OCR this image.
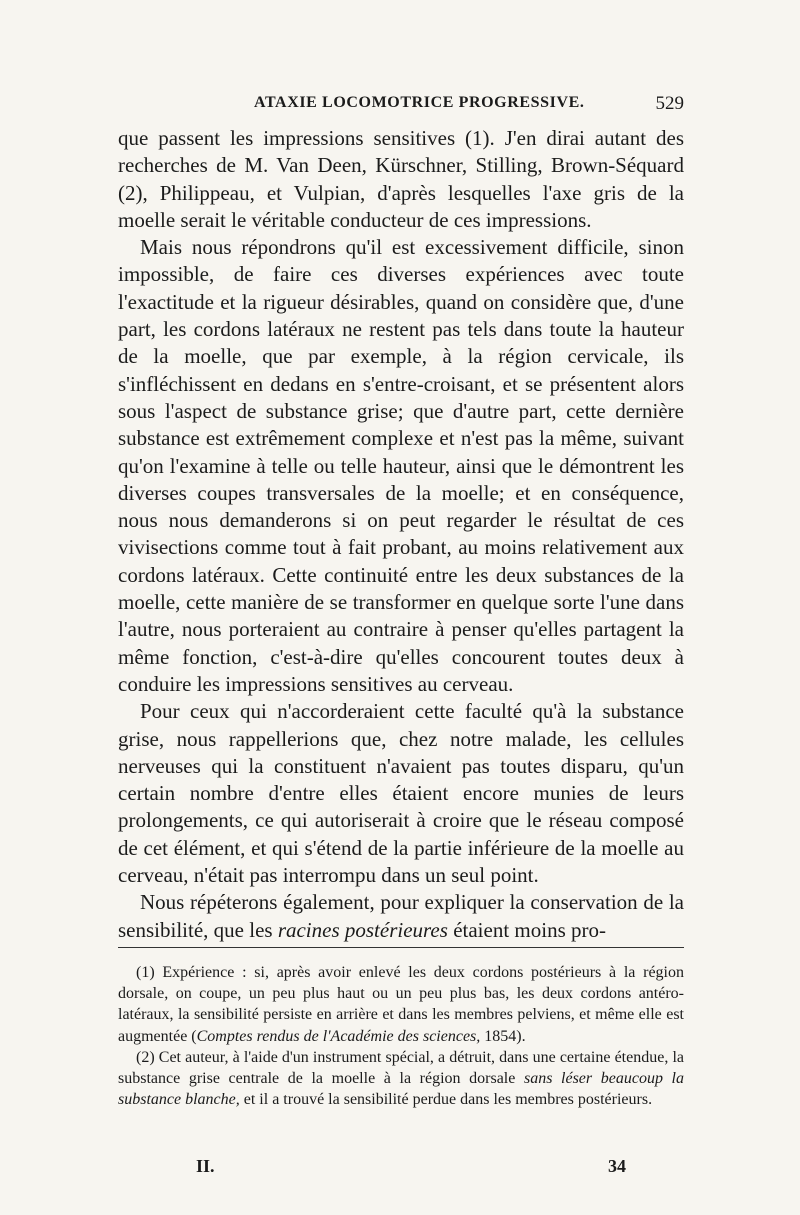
ATAXIE LOCOMOTRICE PROGRESSIVE.	529

que passent les impressions sensitives (1). J'en dirai autant des recherches de M. Van Deen, Kürschner, Stilling, Brown-Séquard (2), Philippeau, et Vulpian, d'après lesquelles l'axe gris de la moelle serait le véritable conducteur de ces impressions.

Mais nous répondrons qu'il est excessivement difficile, sinon impossible, de faire ces diverses expériences avec toute l'exactitude et la rigueur désirables, quand on considère que, d'une part, les cordons latéraux ne restent pas tels dans toute la hauteur de la moelle, que par exemple, à la région cervicale, ils s'infléchissent en dedans en s'entre-croisant, et se présentent alors sous l'aspect de substance grise; que d'autre part, cette dernière substance est extrêmement complexe et n'est pas la même, suivant qu'on l'examine à telle ou telle hauteur, ainsi que le démontrent les diverses coupes transversales de la moelle; et en conséquence, nous nous demanderons si on peut regarder le résultat de ces vivisections comme tout à fait probant, au moins relativement aux cordons latéraux. Cette continuité entre les deux substances de la moelle, cette manière de se transformer en quelque sorte l'une dans l'autre, nous porteraient au contraire à penser qu'elles partagent la même fonction, c'est-à-dire qu'elles concourent toutes deux à conduire les impressions sensitives au cerveau.

Pour ceux qui n'accorderaient cette faculté qu'à la substance grise, nous rappellerions que, chez notre malade, les cellules nerveuses qui la constituent n'avaient pas toutes disparu, qu'un certain nombre d'entre elles étaient encore munies de leurs prolongements, ce qui autoriserait à croire que le réseau composé de cet élément, et qui s'étend de la partie inférieure de la moelle au cerveau, n'était pas interrompu dans un seul point.

Nous répéterons également, pour expliquer la conservation de la sensibilité, que les racines postérieures étaient moins pro-

(1) Expérience : si, après avoir enlevé les deux cordons postérieurs à la région dorsale, on coupe, un peu plus haut ou un peu plus bas, les deux cordons antéro-latéraux, la sensibilité persiste en arrière et dans les membres pelviens, et même elle est augmentée (Comptes rendus de l'Académie des sciences, 1854).

(2) Cet auteur, à l'aide d'un instrument spécial, a détruit, dans une certaine étendue, la substance grise centrale de la moelle à la région dorsale sans léser beaucoup la substance blanche, et il a trouvé la sensibilité perdue dans les membres postérieurs.

II.	34
